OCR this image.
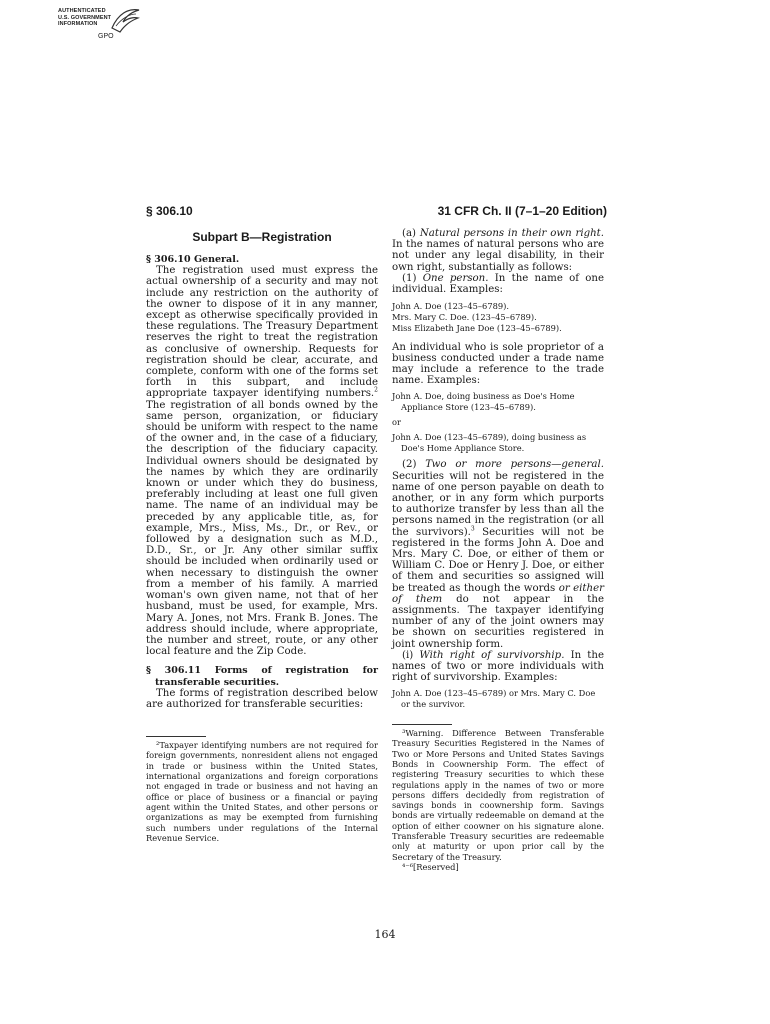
AUTHENTICATED
U.S. GOVERNMENT
INFORMATION
GPO
§ 306.10	31 CFR Ch. II (7–1–20 Edition)
Subpart B—Registration

§ 306.10 General.

The registration used must express the actual ownership of a security and may not include any restriction on the authority of the owner to dispose of it in any manner, except as otherwise specifically provided in these regulations. The Treasury Department reserves the right to treat the registration as conclusive of ownership. Requests for registration should be clear, accurate, and complete, conform with one of the forms set forth in this subpart, and include appropriate taxpayer identifying numbers.$^2$ The registration of all bonds owned by the same person, organization, or fiduciary should be uniform with respect to the name of the owner and, in the case of a fiduciary, the description of the fiduciary capacity. Individual owners should be designated by the names by which they are ordinarily known or under which they do business, preferably including at least one full given name. The name of an individual may be preceded by any applicable title, as, for example, Mrs., Miss, Ms., Dr., or Rev., or followed by a designation such as M.D., D.D., Sr., or Jr. Any other similar suffix should be included when ordinarily used or when necessary to distinguish the owner from a member of his family. A married woman's own given name, not that of her husband, must be used, for example, Mrs. Mary A. Jones, not Mrs. Frank B. Jones. The address should include, where appropriate, the number and street, route, or any other local feature and the Zip Code.

§ 306.11 Forms of registration for transferable securities.

The forms of registration described below are authorized for transferable securities:

²Taxpayer identifying numbers are not required for foreign governments, nonresident aliens not engaged in trade or business within the United States, international organizations and foreign corporations not engaged in trade or business and not having an office or place of business or a financial or paying agent within the United States, and other persons or organizations as may be exempted from furnishing such numbers under regulations of the Internal Revenue Service.

(a) Natural persons in their own right. In the names of natural persons who are not under any legal disability, in their own right, substantially as follows:

(1) One person. In the name of one individual. Examples:

John A. Doe (123–45–6789).
Mrs. Mary C. Doe. (123–45–6789).
Miss Elizabeth Jane Doe (123–45–6789).

An individual who is sole proprietor of a business conducted under a trade name may include a reference to the trade name. Examples:

John A. Doe, doing business as Doe's Home Appliance Store (123–45–6789).
or
John A. Doe (123–45–6789), doing business as Doe's Home Appliance Store.

(2) Two or more persons—general. Securities will not be registered in the name of one person payable on death to another, or in any form which purports to authorize transfer by less than all the persons named in the registration (or all the survivors).$^3$ Securities will not be registered in the forms John A. Doe and Mrs. Mary C. Doe, or either of them or William C. Doe or Henry J. Doe, or either of them and securities so assigned will be treated as though the words or either of them do not appear in the assignments. The taxpayer identifying number of any of the joint owners may be shown on securities registered in joint ownership form.

(i) With right of survivorship. In the names of two or more individuals with right of survivorship. Examples:

John A. Doe (123–45–6789) or Mrs. Mary C. Doe or the survivor.

³Warning. Difference Between Transferable Treasury Securities Registered in the Names of Two or More Persons and United States Savings Bonds in Coownership Form. The effect of registering Treasury securities to which these regulations apply in the names of two or more persons differs decidedly from registration of savings bonds in coownership form. Savings bonds are virtually redeemable on demand at the option of either coowner on his signature alone. Transferable Treasury securities are redeemable only at maturity or upon prior call by the Secretary of the Treasury.

⁴⁻⁶[Reserved]

164
